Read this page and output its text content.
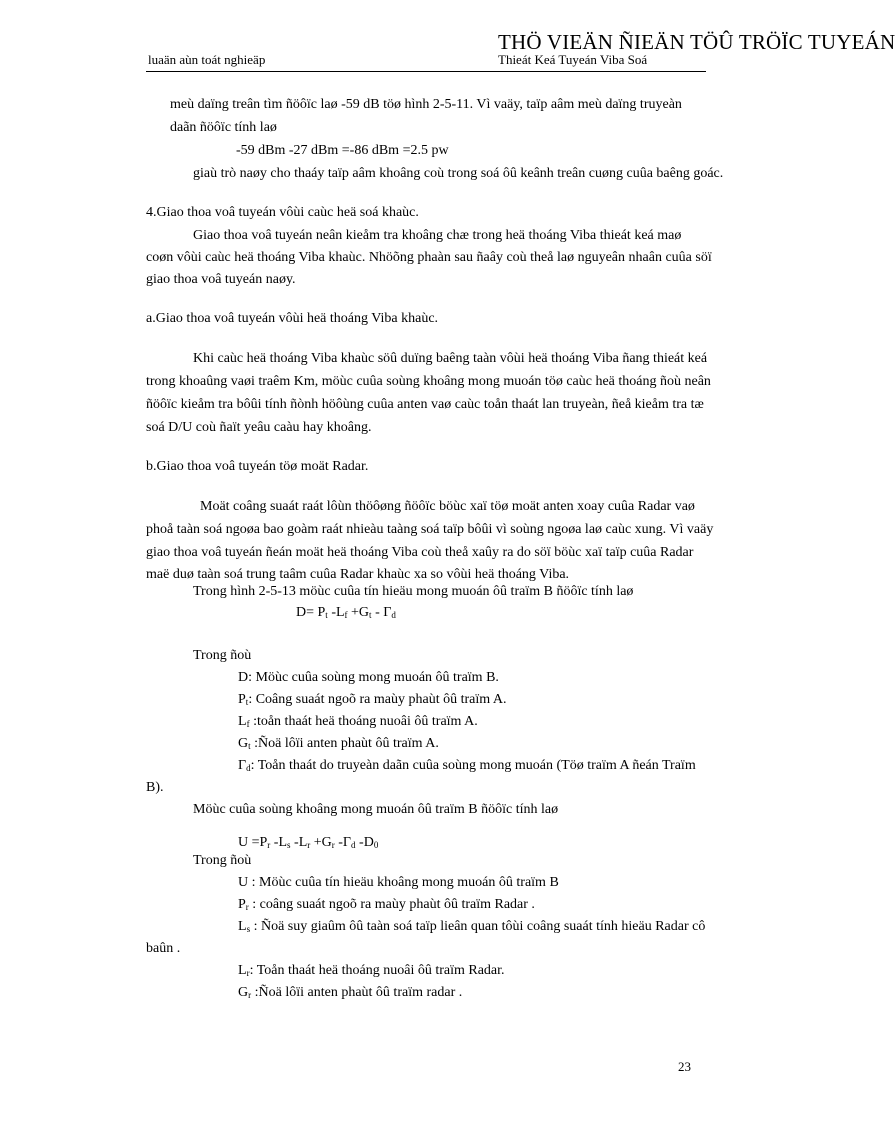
THÖ VIEÄN ÑIEÄN TÖÛ TRÖÏC TUYEÁN
luaän aùn toát nghieäp	Thieát Keá Tuyeán Viba Soá
meù daïng treân tìm ñöôïc laø -59 dB töø hình 2-5-11. Vì vaäy, taïp aâm meù daïng truyeàn
daãn ñöôïc tính laø
-59 dBm -27 dBm =-86 dBm =2.5 pw
giaù trò naøy cho thaáy taïp aâm khoâng coù trong soá ôû keânh treân cuøng cuûa baêng goác.
4.Giao thoa voâ tuyeán vôùi caùc heä soá khaùc.
Giao thoa voâ tuyeán neân kieåm tra khoâng chæ trong heä thoáng Viba thieát keá maø
coøn vôùi caùc heä thoáng Viba khaùc. Nhöõng phaàn sau ñaây coù theå laø nguyeân nhaân cuûa söï
giao thoa voâ tuyeán naøy.
a.Giao thoa voâ tuyeán vôùi heä thoáng Viba khaùc.
Khi caùc heä thoáng Viba khaùc söû duïng baêng taàn vôùi heä thoáng Viba ñang thieát keá
trong khoaûng vaøi traêm Km, möùc cuûa soùng khoâng mong muoán töø caùc heä thoáng ñoù neân
ñöôïc kieåm tra bôûi tính ñònh höôùng cuûa anten vaø caùc toån thaát lan truyeàn, ñeå kieåm tra tæ
soá D/U coù ñaït yeâu caàu hay khoâng.
b.Giao thoa voâ tuyeán töø moät Radar.
Moät coâng suaát raát lôùn thöôøng ñöôïc böùc xaï töø moät anten xoay cuûa Radar vaø
phoå taàn soá ngoøa bao goàm raát nhieàu taàng soá taïp bôûi vì soùng ngoøa laø caùc xung. Vì vaäy
giao thoa voâ tuyeán ñeán moät heä thoáng Viba coù theå xaûy ra do söï böùc xaï taïp cuûa Radar
maë duø taàn soá trung taâm cuûa Radar khaùc xa so vôùi heä thoáng Viba.
Trong hình 2-5-13 möùc cuûa tín hieäu mong muoán ôû traïm B ñöôïc tính laø
$D= P_t$ $-L_f +G_t - \Gamma_d$
Trong ñoù
D: Möùc cuûa soùng mong muoán ôû traïm B.
$P_t$: Coâng suaát ngoõ ra maùy phaùt ôû traïm A.
$L_f$ :toån thaát heä thoáng nuoâi ôû traïm A.
$G_t$ :Ñoä lôïi anten phaùt ôû traïm A.
$\Gamma_d$: Toån thaát do truyeàn daãn cuûa soùng mong muoán (Töø traïm A ñeán Traïm
B).
Möùc cuûa soùng khoâng mong muoán ôû traïm B ñöôïc tính laø
$U =P_r$ $-L_s$ $-L_r +G_r$ $-\Gamma_d$ $-D_0$
Trong ñoù
U : Möùc cuûa tín hieäu khoâng mong muoán ôû traïm B
$P_r$ : coâng suaát ngoõ ra maùy phaùt ôû traïm Radar .
$L_s$ : Ñoä suy giaûm ôû taàn soá taïp lieân quan tôùi coâng suaát tính hieäu Radar cô
baûn .
$L_r$: Toån thaát heä thoáng nuoâi ôû traïm Radar.
$G_r$ :Ñoä lôïi anten phaùt ôû traïm radar .
23
